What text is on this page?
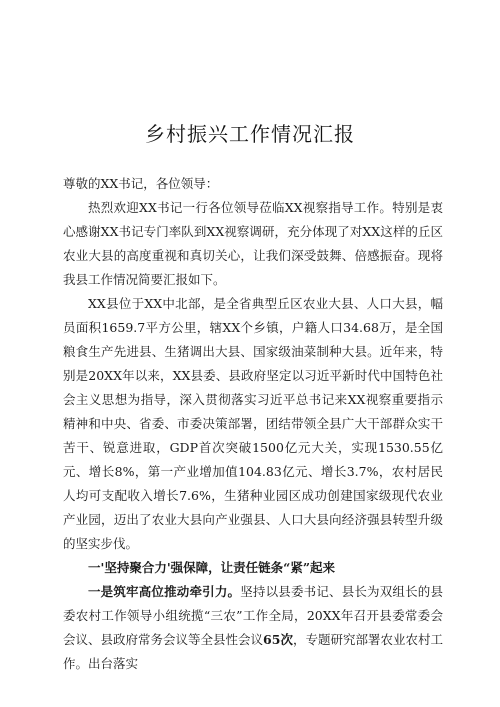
乡村振兴工作情况汇报

尊敬的XX书记，各位领导：

热烈欢迎XX书记一行各位领导莅临XX视察指导工作。特别是衷心感谢XX书记专门率队到XX视察调研，充分体现了对XX这样的丘区农业大县的高度重视和真切关心，让我们深受鼓舞、倍感振奋。现将我县工作情况简要汇报如下。

XX县位于XX中北部，是全省典型丘区农业大县、人口大县，幅员面积1659.7平方公里，辖XX个乡镇，户籍人口34.68万，是全国粮食生产先进县、生猪调出大县、国家级油菜制种大县。近年来，特别是20XX年以来，XX县委、县政府坚定以习近平新时代中国特色社会主义思想为指导，深入贯彻落实习近平总书记来XX视察重要指示精神和中央、省委、市委决策部署，团结带领全县广大干部群众实干苦干、锐意进取，GDP首次突破1500亿元大关，实现1530.55亿元、增长8%，第一产业增加值104.83亿元、增长3.7%，农村居民人均可支配收入增长7.6%，生猪种业园区成功创建国家级现代农业产业园，迈出了农业大县向产业强县、人口大县向经济强县转型升级的坚实步伐。

一'坚持聚合力'强保障，让责任链条“紧”起来

一是筑牢高位推动牵引力。坚持以县委书记、县长为双组长的县委农村工作领导小组统揽“三农”工作全局，20XX年召开县委常委会会议、县政府常务会议等全县性会议65次，专题研究部署农业农村工作。出台落实
